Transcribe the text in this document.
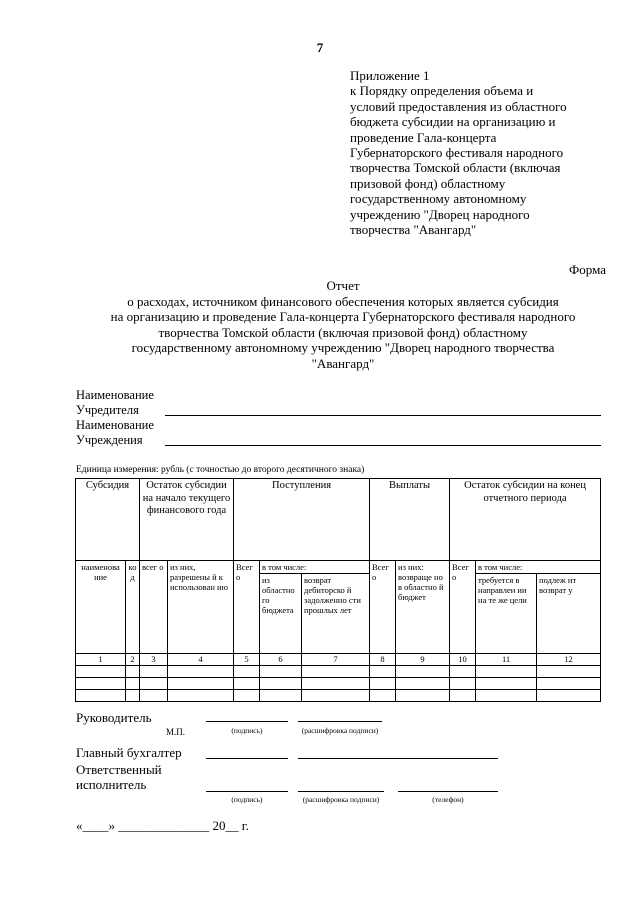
7
Приложение 1
к Порядку определения объема и
условий предоставления из областного
бюджета субсидии на организацию и
проведение Гала-концерта
Губернаторского фестиваля народного
творчества Томской области (включая
призовой фонд) областному
государственному автономному
учреждению "Дворец народного
творчества "Авангард"
Форма
Отчет
о расходах, источником финансового обеспечения которых является субсидия
на организацию и проведение Гала-концерта Губернаторского фестиваля народного
творчества Томской области (включая призовой фонд) областному
государственному автономному учреждению "Дворец народного творчества
"Авангард"
Наименование
Учредителя
Наименование
Учреждения
Единица измерения: рубль (с точностью до второго десятичного знака)
Субсидия		Остаток субсидии на начало текущего финансового года		Поступления			Выплаты		Остаток субсидии на конец отчетного периода		
наименова ние	ко д	всег о	из них, разрешены й к использован ию	Всег о	в том числе:		Всег о	из них: возвраще но в областно й бюджет	Всег о	в том числе:	
					из областно го бюджета	возврат дебиторско й задолженно сти прошлых лет				требуется в направлен ии на те же цели	подлеж ит возврат у
1	2	3	4	5	6	7	8	9	10	11	12

Руководитель
(подпись)	(расшифровка подписи)
М.П.
Главный бухгалтер
Ответственный
исполнитель
(подпись)	(расшифровка подписи)	(телефон)
«____» ______________ 20__ г.
